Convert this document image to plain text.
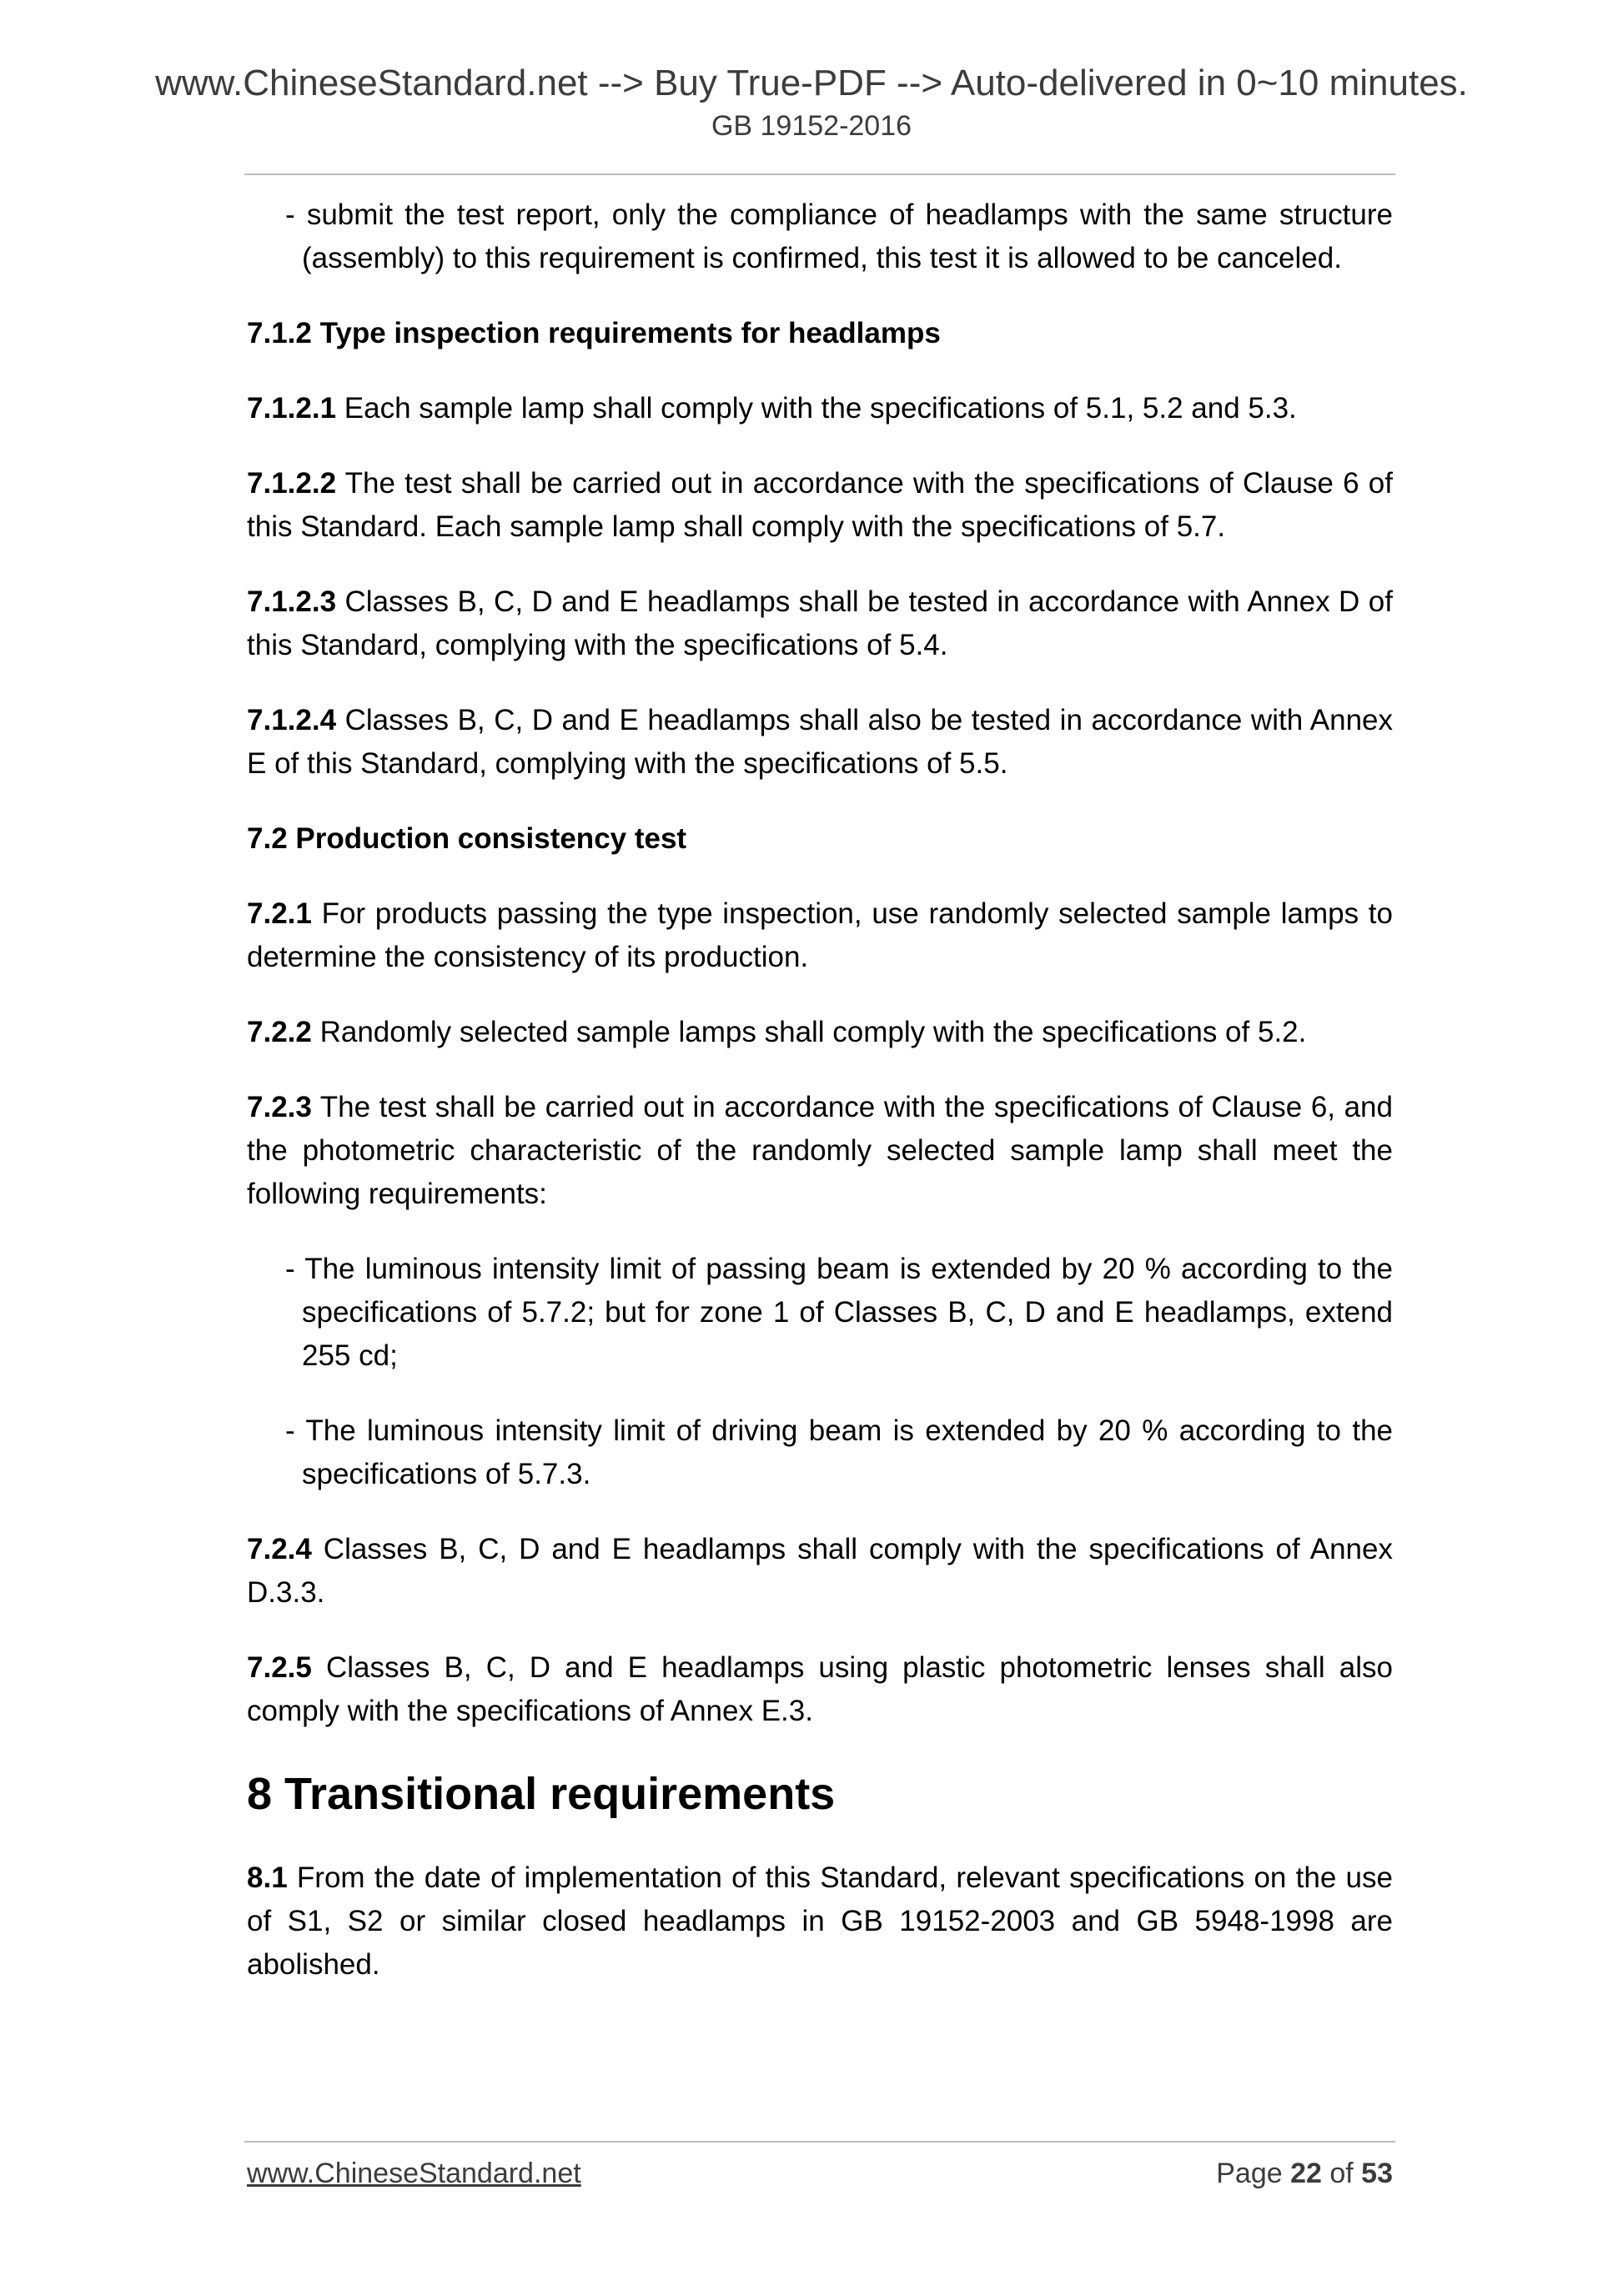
www.ChineseStandard.net --> Buy True-PDF --> Auto-delivered in 0~10 minutes.
GB 19152-2016

- submit the test report, only the compliance of headlamps with the same structure (assembly) to this requirement is confirmed, this test it is allowed to be canceled.

7.1.2 Type inspection requirements for headlamps

7.1.2.1 Each sample lamp shall comply with the specifications of 5.1, 5.2 and 5.3.

7.1.2.2 The test shall be carried out in accordance with the specifications of Clause 6 of this Standard. Each sample lamp shall comply with the specifications of 5.7.

7.1.2.3 Classes B, C, D and E headlamps shall be tested in accordance with Annex D of this Standard, complying with the specifications of 5.4.

7.1.2.4 Classes B, C, D and E headlamps shall also be tested in accordance with Annex E of this Standard, complying with the specifications of 5.5.

7.2 Production consistency test

7.2.1 For products passing the type inspection, use randomly selected sample lamps to determine the consistency of its production.

7.2.2 Randomly selected sample lamps shall comply with the specifications of 5.2.

7.2.3 The test shall be carried out in accordance with the specifications of Clause 6, and the photometric characteristic of the randomly selected sample lamp shall meet the following requirements:

- The luminous intensity limit of passing beam is extended by 20 % according to the specifications of 5.7.2; but for zone 1 of Classes B, C, D and E headlamps, extend 255 cd;

- The luminous intensity limit of driving beam is extended by 20 % according to the specifications of 5.7.3.

7.2.4 Classes B, C, D and E headlamps shall comply with the specifications of Annex D.3.3.

7.2.5 Classes B, C, D and E headlamps using plastic photometric lenses shall also comply with the specifications of Annex E.3.

8 Transitional requirements

8.1 From the date of implementation of this Standard, relevant specifications on the use of S1, S2 or similar closed headlamps in GB 19152-2003 and GB 5948-1998 are abolished.

www.ChineseStandard.net	Page 22 of 53
